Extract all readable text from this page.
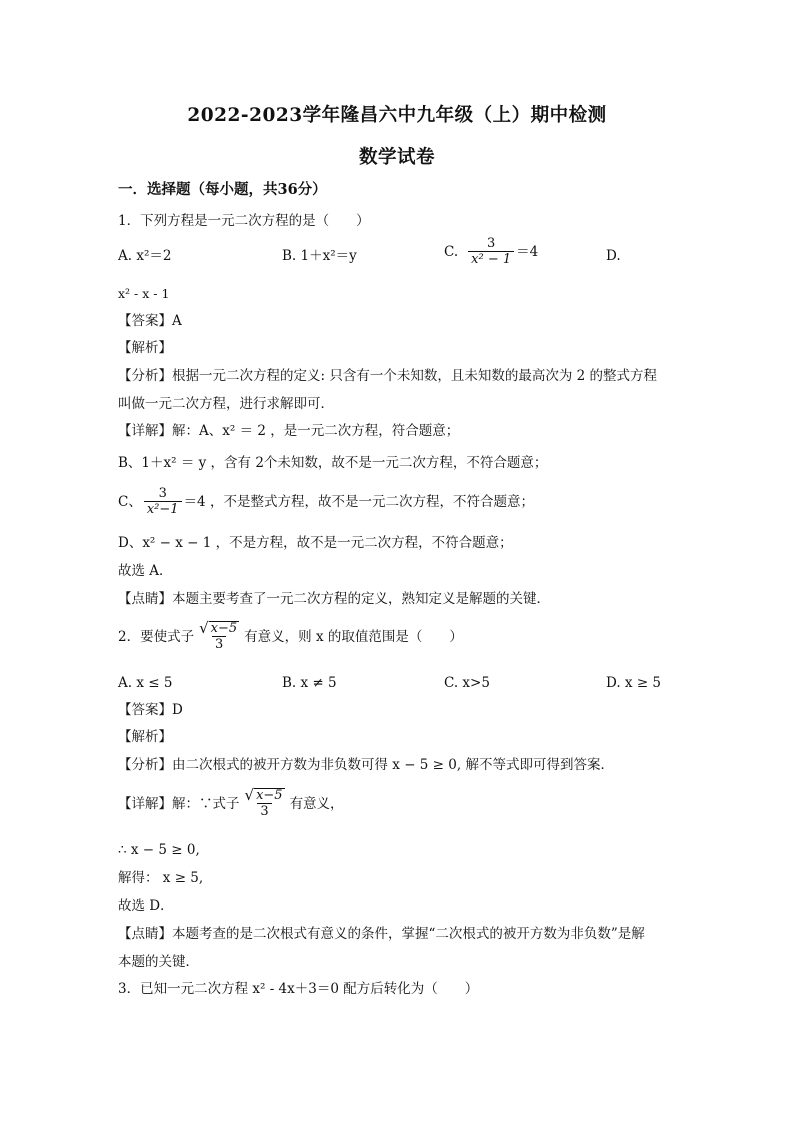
2022-2023学年隆昌六中九年级（上）期中检测
数学试卷
一．选择题（每小题，共36分）
1．下列方程是一元二次方程的是（　　）
A. x²＝2	B. 1＋x²＝y	C. $\frac{3}{\text{x² − 1}} =4$	D.
x² - x - 1
【答案】A
【解析】
【分析】根据一元二次方程的定义: 只含有一个未知数，且未知数的最高次为 2 的整式方程
叫做一元二次方程，进行求解即可．
【详解】解：A、x² ＝ 2 ，是一元二次方程，符合题意；
B、1＋x² ＝ y ，含有 2个未知数，故不是一元二次方程，不符合题意；
C、 $\frac{3}{\text{x²−1}} =4$ ，不是整式方程，故不是一元二次方程，不符合题意；
D、x² − x − 1 ，不是方程，故不是一元二次方程，不符合题意；
故选 A．
【点睛】本题主要考查了一元二次方程的定义，熟知定义是解题的关键．
2．要使式子 $\frac{√ x-5}{3}$ 有意义，则 x 的取值范围是（　　）
A. x ≤ 5	B. x ≠ 5	C. x>5	D. x ≥ 5
【答案】D
【解析】
【分析】由二次根式的被开方数为非负数可得 x − 5 ≥ 0, 解不等式即可得到答案．
【详解】解：∵式子 $\frac{√ x-5}{3}$ 有意义，
∴ x − 5 ≥ 0,
解得： x ≥ 5,
故选 D．
【点睛】本题考查的是二次根式有意义的条件，掌握“二次根式的被开方数为非负数”是解
本题的关键．
3．已知一元二次方程 x² - 4x＋3＝0 配方后转化为（　　）
